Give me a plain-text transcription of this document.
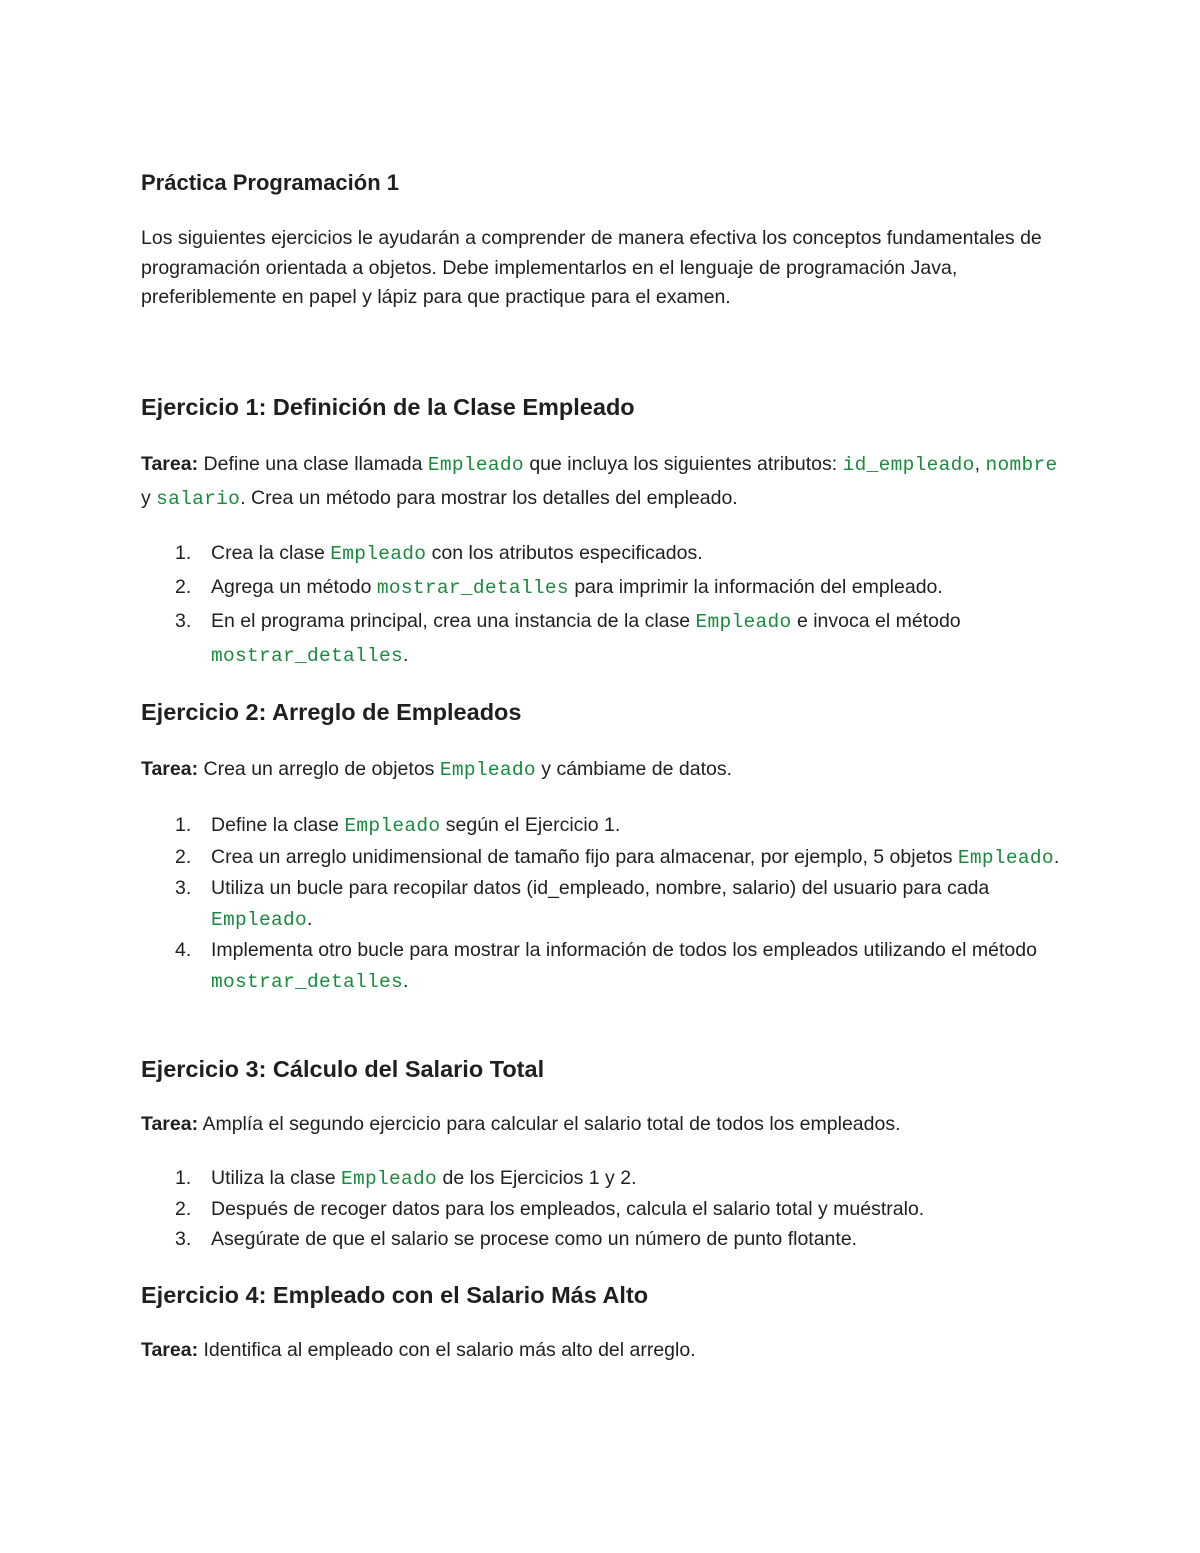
Práctica Programación 1

Los siguientes ejercicios le ayudarán a comprender de manera efectiva los conceptos fundamentales de programación orientada a objetos. Debe implementarlos en el lenguaje de programación Java, preferiblemente en papel y lápiz para que practique para el examen.

Ejercicio 1: Definición de la Clase Empleado

Tarea: Define una clase llamada Empleado que incluya los siguientes atributos: id_empleado, nombre y salario. Crea un método para mostrar los detalles del empleado.

1. Crea la clase Empleado con los atributos especificados.
2. Agrega un método mostrar_detalles para imprimir la información del empleado.
3. En el programa principal, crea una instancia de la clase Empleado e invoca el método mostrar_detalles.
Ejercicio 2: Arreglo de Empleados

Tarea: Crea un arreglo de objetos Empleado y cámbiame de datos.

1. Define la clase Empleado según el Ejercicio 1.
2. Crea un arreglo unidimensional de tamaño fijo para almacenar, por ejemplo, 5 objetos Empleado.
3. Utiliza un bucle para recopilar datos (id_empleado, nombre, salario) del usuario para cada Empleado.
4. Implementa otro bucle para mostrar la información de todos los empleados utilizando el método mostrar_detalles.
Ejercicio 3: Cálculo del Salario Total

Tarea: Amplía el segundo ejercicio para calcular el salario total de todos los empleados.

1. Utiliza la clase Empleado de los Ejercicios 1 y 2.
2. Después de recoger datos para los empleados, calcula el salario total y muéstralo.
3. Asegúrate de que el salario se procese como un número de punto flotante.
Ejercicio 4: Empleado con el Salario Más Alto

Tarea: Identifica al empleado con el salario más alto del arreglo.
